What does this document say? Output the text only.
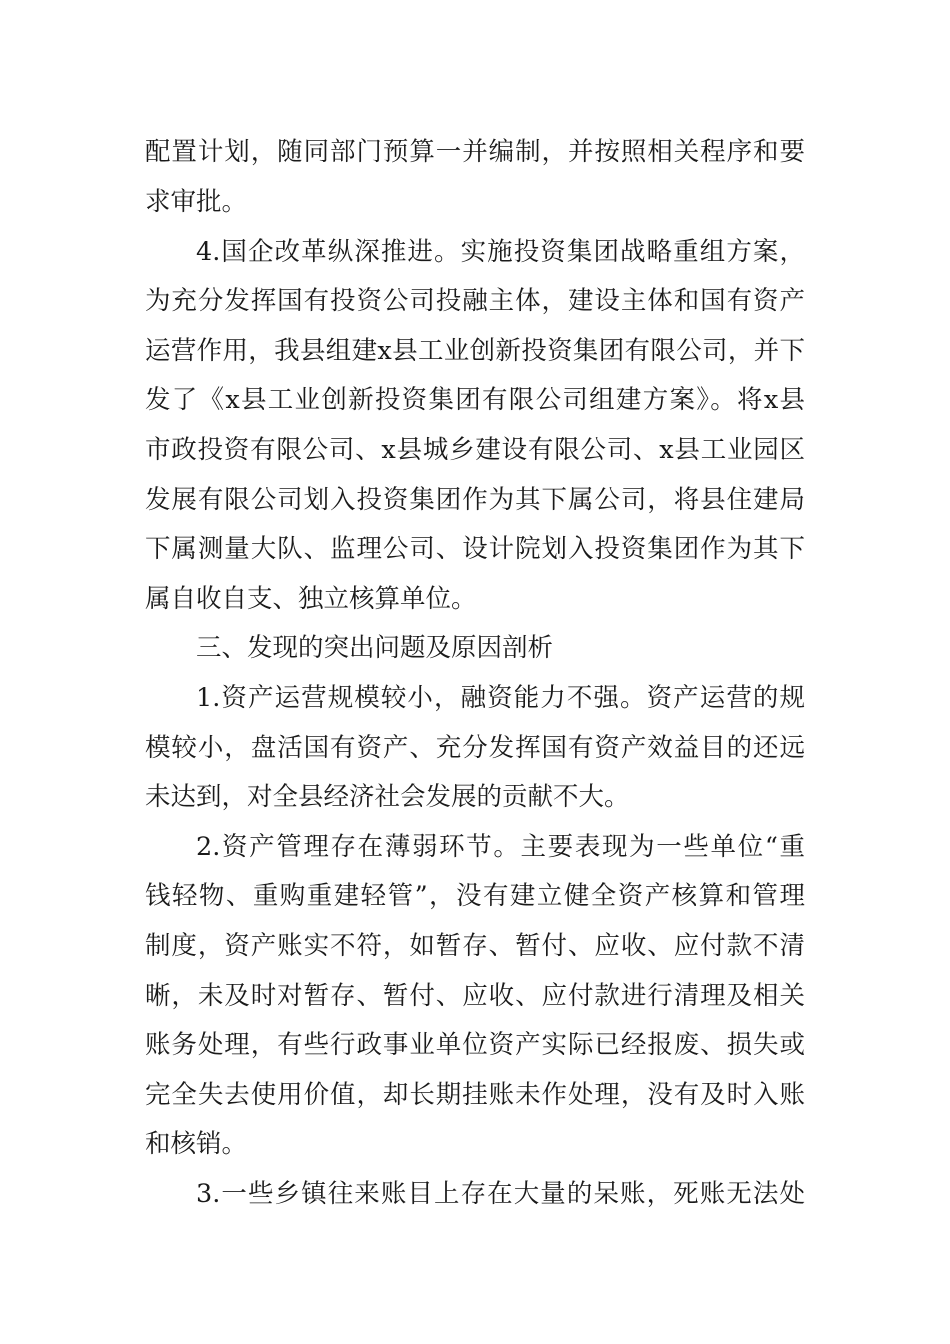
配置计划，随同部门预算一并编制，并按照相关程序和要
求审批。
4.国企改革纵深推进。实施投资集团战略重组方案，
为充分发挥国有投资公司投融主体，建设主体和国有资产
运营作用，我县组建x县工业创新投资集团有限公司，并下
发了《x县工业创新投资集团有限公司组建方案》。将x县
市政投资有限公司、x县城乡建设有限公司、x县工业园区
发展有限公司划入投资集团作为其下属公司，将县住建局
下属测量大队、监理公司、设计院划入投资集团作为其下
属自收自支、独立核算单位。
三、发现的突出问题及原因剖析
1.资产运营规模较小，融资能力不强。资产运营的规
模较小，盘活国有资产、充分发挥国有资产效益目的还远
未达到，对全县经济社会发展的贡献不大。
2.资产管理存在薄弱环节。主要表现为一些单位“重
钱轻物、重购重建轻管”，没有建立健全资产核算和管理
制度，资产账实不符，如暂存、暂付、应收、应付款不清
晰，未及时对暂存、暂付、应收、应付款进行清理及相关
账务处理，有些行政事业单位资产实际已经报废、损失或
完全失去使用价值，却长期挂账未作处理，没有及时入账
和核销。
3.一些乡镇往来账目上存在大量的呆账，死账无法处
